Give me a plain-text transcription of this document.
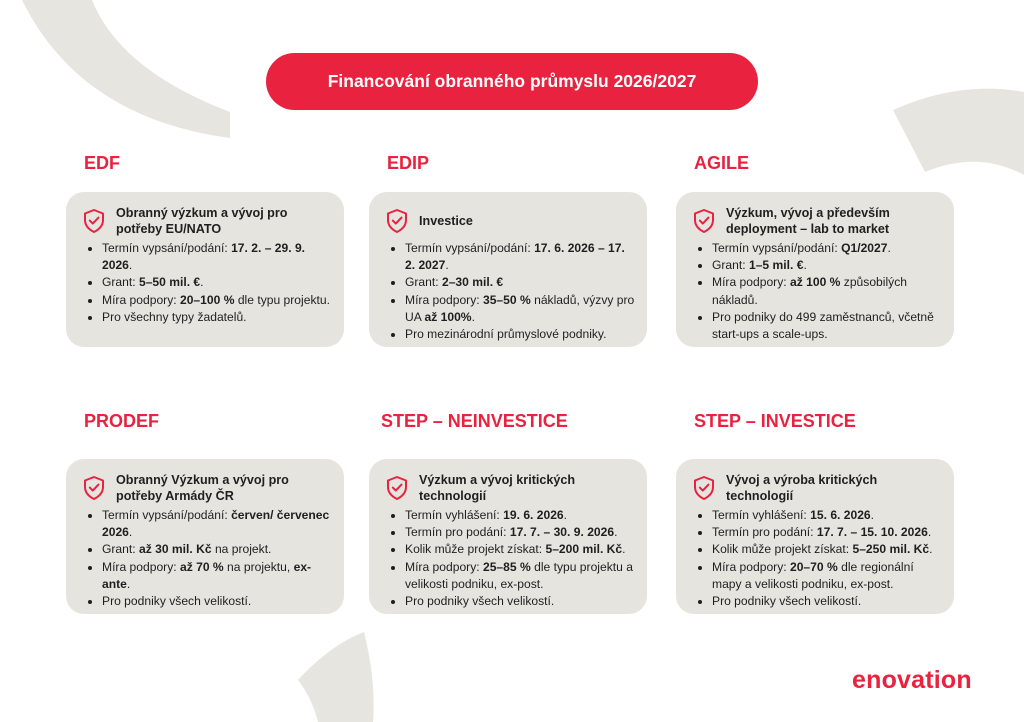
Financování obranného průmyslu 2026/2027
EDF
Obranný výzkum a vývoj pro potřeby EU/NATO
• Termín vypsání/podání: 17. 2. – 29. 9. 2026.
• Grant: 5–50 mil. €.
• Míra podpory: 20–100 % dle typu projektu.
• Pro všechny typy žadatelů.
EDIP
Investice
• Termín vypsání/podání: 17. 6. 2026 – 17. 2. 2027.
• Grant: 2–30 mil. €
• Míra podpory: 35–50 % nákladů, výzvy pro UA až 100%.
• Pro mezinárodní průmyslové podniky.
AGILE
Výzkum, vývoj a především deployment – lab to market
• Termín vypsání/podání: Q1/2027.
• Grant: 1–5 mil. €.
• Míra podpory: až 100 % způsobilých nákladů.
• Pro podniky do 499 zaměstnanců, včetně start-ups a scale-ups.
PRODEF
Obranný Výzkum a vývoj pro potřeby Armády ČR
• Termín vypsání/podání: červen/ červenec 2026.
• Grant: až 30 mil. Kč na projekt.
• Míra podpory: až 70 % na projektu, ex-ante.
• Pro podniky všech velikostí.
STEP – NEINVESTICE
Výzkum a vývoj kritických technologií
• Termín vyhlášení: 19. 6. 2026.
• Termín pro podání: 17. 7. – 30. 9. 2026.
• Kolik může projekt získat: 5–200 mil. Kč.
• Míra podpory: 25–85 % dle typu projektu a velikosti podniku, ex-post.
• Pro podniky všech velikostí.
STEP – INVESTICE
Vývoj a výroba kritických technologií
• Termín vyhlášení: 15. 6. 2026.
• Termín pro podání: 17. 7. – 15. 10. 2026.
• Kolik může projekt získat: 5–250 mil. Kč.
• Míra podpory: 20–70 % dle regionální mapy a velikosti podniku, ex-post.
• Pro podniky všech velikostí.
enovation
